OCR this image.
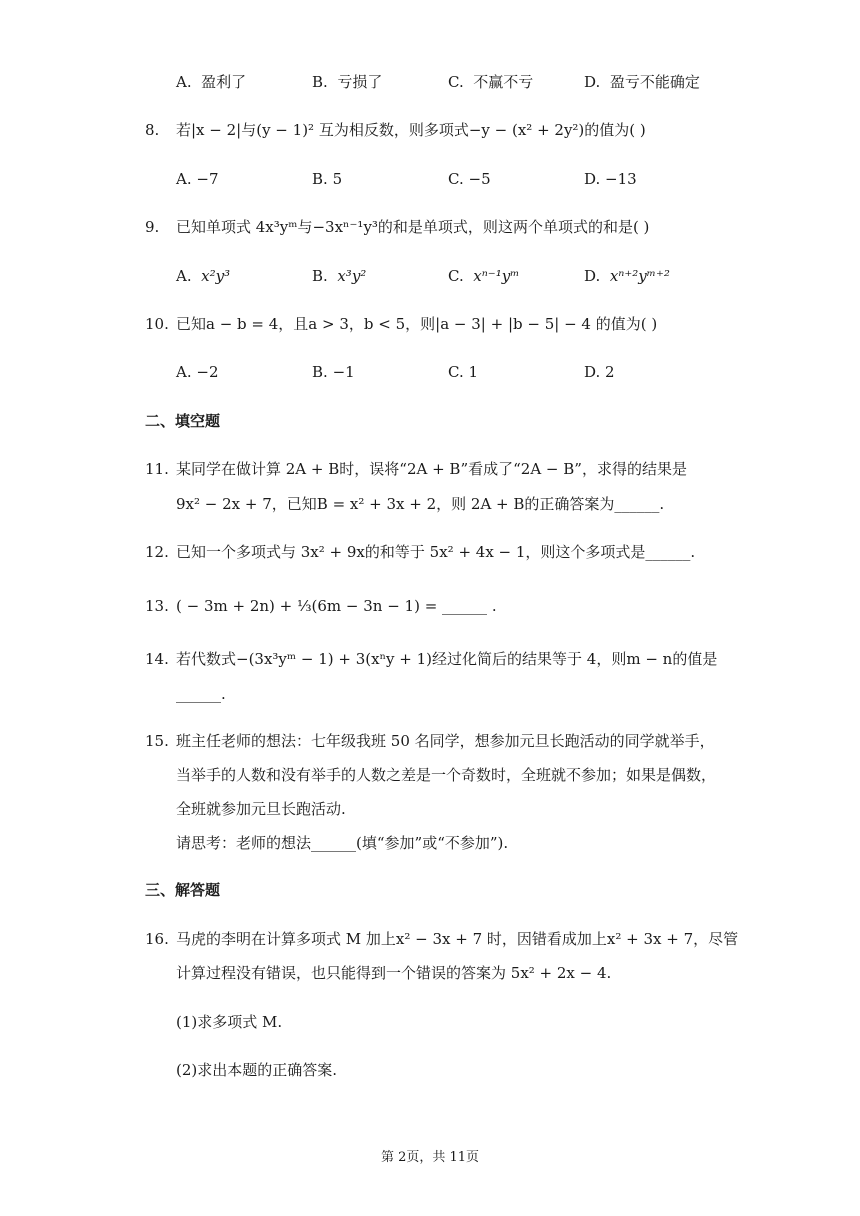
A. 盈利了	B. 亏损了	C. 不赢不亏	D. 盈亏不能确定
8. 若|x − 2|与(y − 1)² 互为相反数，则多项式−y − (x² + 2y²)的值为( )
A. −7	B. 5	C. −5	D. −13
9. 已知单项式 4x³yᵐ与−3xⁿ⁻¹y³的和是单项式，则这两个单项式的和是( )
A. x²y³	B. x³y²	C. xⁿ⁻¹yᵐ	D. xⁿ⁺²yᵐ⁺²
10. 已知a − b = 4，且a > 3，b < 5，则|a − 3| + |b − 5| − 4 的值为( )
A. −2	B. −1	C. 1	D. 2
二、填空题
11. 某同学在做计算 2A + B时，误将“2A + B”看成了“2A − B”，求得的结果是
9x² − 2x + 7，已知B = x² + 3x + 2，则 2A + B的正确答案为______.
12. 已知一个多项式与 3x² + 9x的和等于 5x² + 4x − 1，则这个多项式是______.
13. ( − 3m + 2n) + ⅓(6m − 3n − 1) = ______ .
14. 若代数式−(3x³yᵐ − 1) + 3(xⁿy + 1)经过化简后的结果等于 4，则m − n的值是
______.
15. 班主任老师的想法：七年级我班 50 名同学，想参加元旦长跑活动的同学就举手，
当举手的人数和没有举手的人数之差是一个奇数时，全班就不参加；如果是偶数，
全班就参加元旦长跑活动.
请思考：老师的想法______(填“参加”或“不参加”).
三、解答题
16. 马虎的李明在计算多项式 M 加上x² − 3x + 7 时，因错看成加上x² + 3x + 7，尽管
计算过程没有错误，也只能得到一个错误的答案为 5x² + 2x − 4.
(1)求多项式 M.
(2)求出本题的正确答案.
第 2页，共 11页
